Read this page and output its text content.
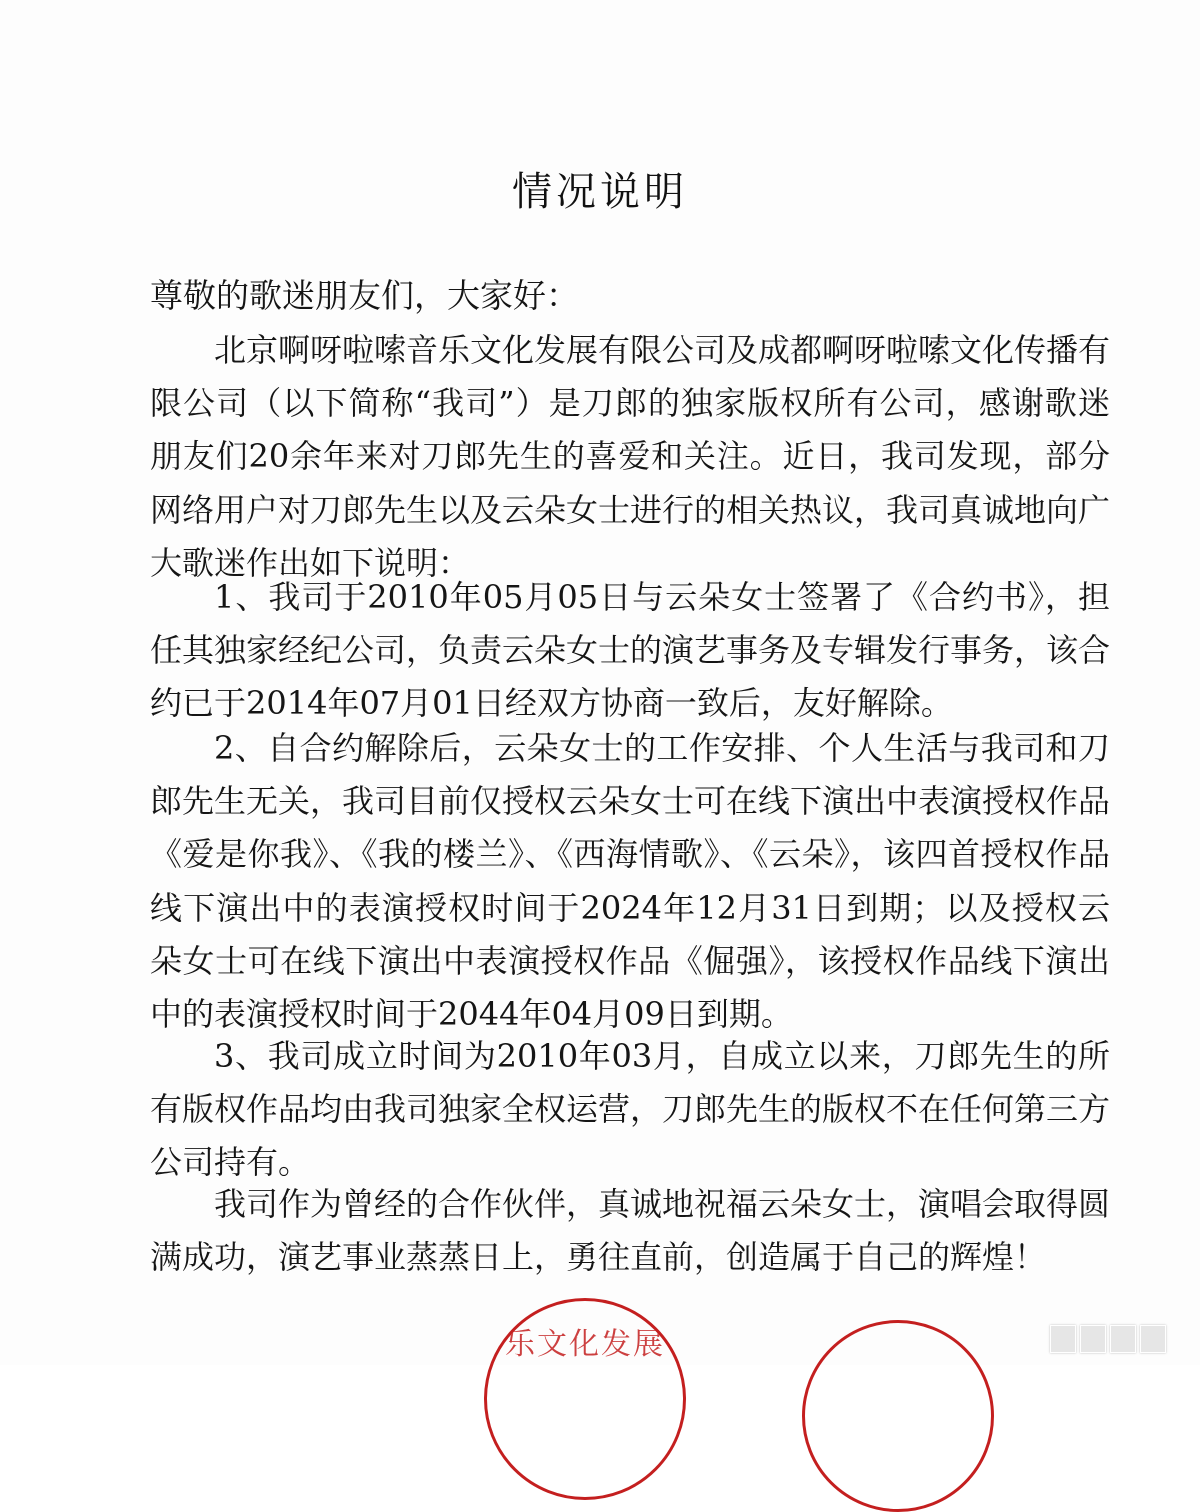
情况说明
尊敬的歌迷朋友们，大家好：

北京啊呀啦嗦音乐文化发展有限公司及成都啊呀啦嗦文化传播有限公司（以下简称“我司”）是刀郎的独家版权所有公司，感谢歌迷朋友们20余年来对刀郎先生的喜爱和关注。近日，我司发现，部分网络用户对刀郎先生以及云朵女士进行的相关热议，我司真诚地向广大歌迷作出如下说明：

1、我司于2010年05月05日与云朵女士签署了《合约书》，担任其独家经纪公司，负责云朵女士的演艺事务及专辑发行事务，该合约已于2014年07月01日经双方协商一致后，友好解除。

2、自合约解除后，云朵女士的工作安排、个人生活与我司和刀郎先生无关，我司目前仅授权云朵女士可在线下演出中表演授权作品《爱是你我》、《我的楼兰》、《西海情歌》、《云朵》，该四首授权作品线下演出中的表演授权时间于2024年12月31日到期；以及授权云朵女士可在线下演出中表演授权作品《倔强》，该授权作品线下演出中的表演授权时间于2044年04月09日到期。

3、我司成立时间为2010年03月，自成立以来，刀郎先生的所有版权作品均由我司独家全权运营，刀郎先生的版权不在任何第三方公司持有。

我司作为曾经的合作伙伴，真诚地祝福云朵女士，演唱会取得圆满成功，演艺事业蒸蒸日上，勇往直前，创造属于自己的辉煌！

乐文化发展
